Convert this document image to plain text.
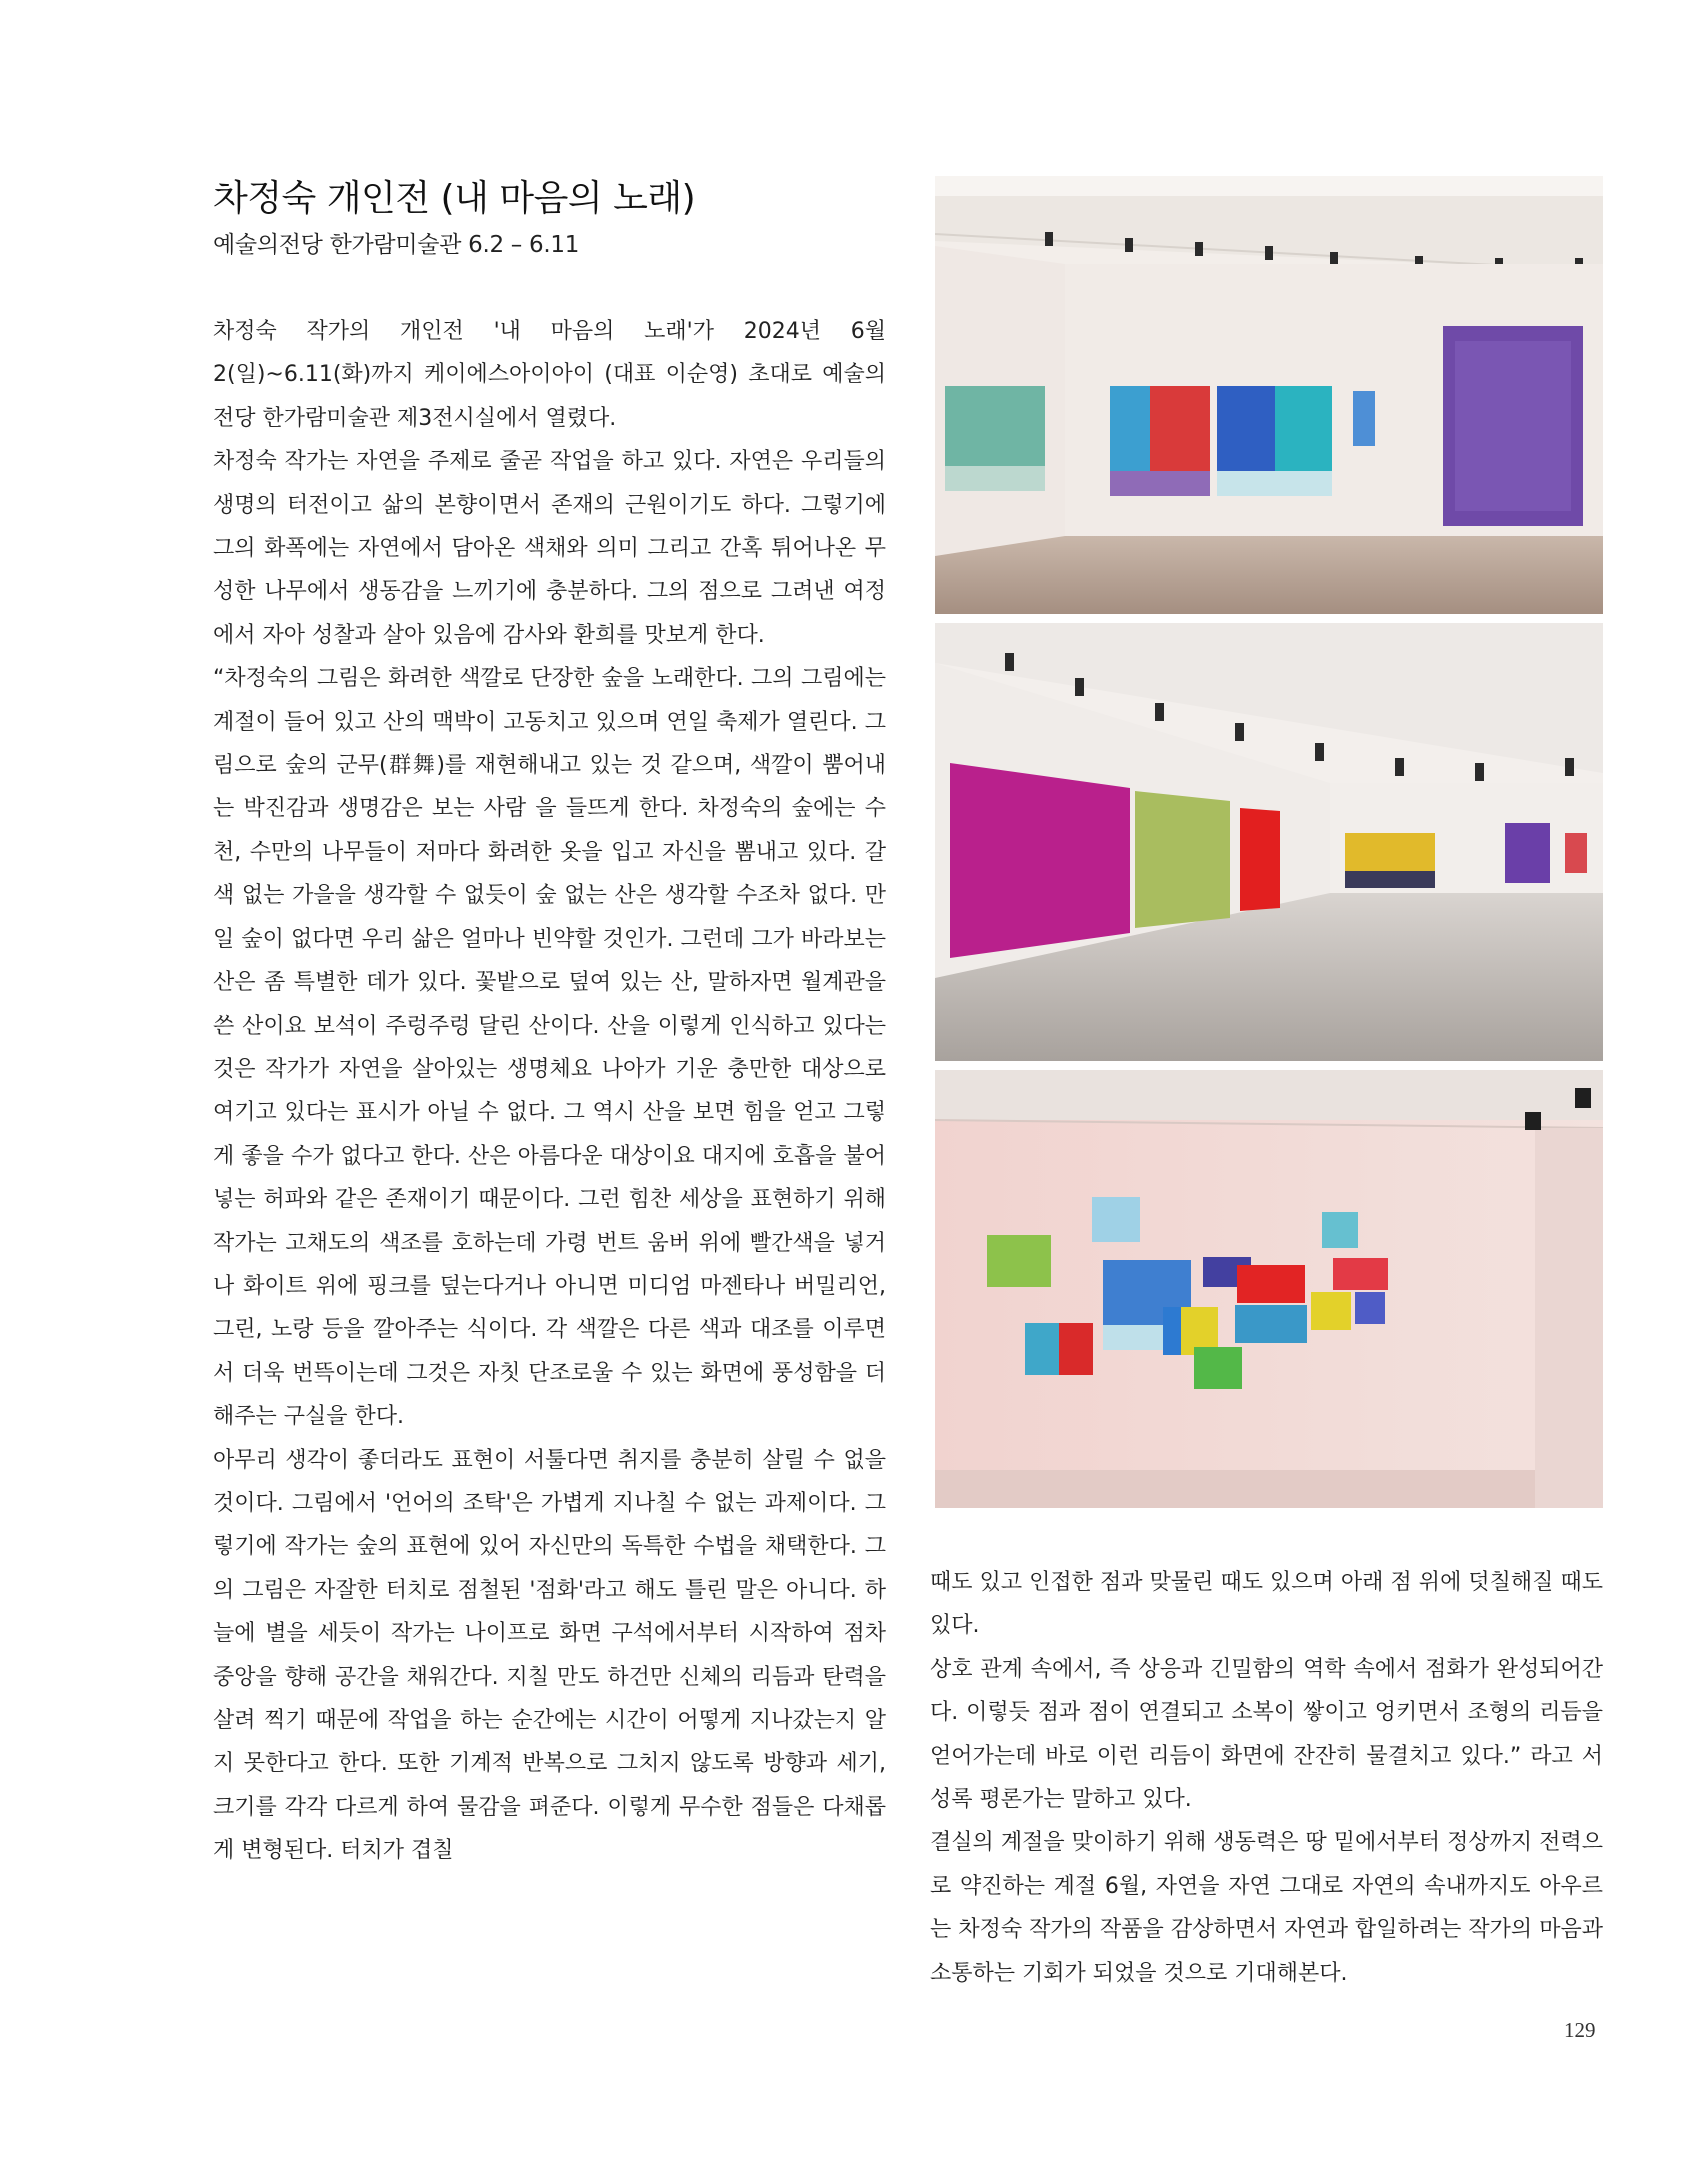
차정숙 개인전 (내 마음의 노래)
예술의전당 한가람미술관 6.2 – 6.11

차정숙 작가의 개인전 '내 마음의 노래'가 2024년 6월 2(일)~6.11(화)까지 케이에스아이아이 (대표 이순영) 초대로 예술의전당 한가람미술관 제3전시실에서 열렸다.

차정숙 작가는 자연을 주제로 줄곧 작업을 하고 있다. 자연은 우리들의 생명의 터전이고 삶의 본향이면서 존재의 근원이기도 하다. 그렇기에 그의 화폭에는 자연에서 담아온 색채와 의미 그리고 간혹 튀어나온 무성한 나무에서 생동감을 느끼기에 충분하다. 그의 점으로 그려낸 여정에서 자아 성찰과 살아 있음에 감사와 환희를 맛보게 한다.

“차정숙의 그림은 화려한 색깔로 단장한 숲을 노래한다. 그의 그림에는 계절이 들어 있고 산의 맥박이 고동치고 있으며 연일 축제가 열린다. 그림으로 숲의 군무(群舞)를 재현해내고 있는 것 같으며, 색깔이 뿜어내는 박진감과 생명감은 보는 사람 을 들뜨게 한다. 차정숙의 숲에는 수천, 수만의 나무들이 저마다 화려한 옷을 입고 자신을 뽐내고 있다. 갈색 없는 가을을 생각할 수 없듯이 숲 없는 산은 생각할 수조차 없다. 만일 숲이 없다면 우리 삶은 얼마나 빈약할 것인가. 그런데 그가 바라보는 산은 좀 특별한 데가 있다. 꽃밭으로 덮여 있는 산, 말하자면 월계관을 쓴 산이요 보석이 주렁주렁 달린 산이다. 산을 이렇게 인식하고 있다는 것은 작가가 자연을 살아있는 생명체요 나아가 기운 충만한 대상으로 여기고 있다는 표시가 아닐 수 없다. 그 역시 산을 보면 힘을 얻고 그렇게 좋을 수가 없다고 한다. 산은 아름다운 대상이요 대지에 호흡을 불어넣는 허파와 같은 존재이기 때문이다. 그런 힘찬 세상을 표현하기 위해 작가는 고채도의 색조를 호하는데 가령 번트 움버 위에 빨간색을 넣거나 화이트 위에 핑크를 덮는다거나 아니면 미디엄 마젠타나 버밀리언, 그린, 노랑 등을 깔아주는 식이다. 각 색깔은 다른 색과 대조를 이루면서 더욱 번뜩이는데 그것은 자칫 단조로울 수 있는 화면에 풍성함을 더해주는 구실을 한다.

아무리 생각이 좋더라도 표현이 서툴다면 취지를 충분히 살릴 수 없을 것이다. 그림에서 '언어의 조탁'은 가볍게 지나칠 수 없는 과제이다. 그렇기에 작가는 숲의 표현에 있어 자신만의 독특한 수법을 채택한다. 그의 그림은 자잘한 터치로 점철된 '점화'라고 해도 틀린 말은 아니다. 하늘에 별을 세듯이 작가는 나이프로 화면 구석에서부터 시작하여 점차 중앙을 향해 공간을 채워간다. 지칠 만도 하건만 신체의 리듬과 탄력을 살려 찍기 때문에 작업을 하는 순간에는 시간이 어떻게 지나갔는지 알지 못한다고 한다. 또한 기계적 반복으로 그치지 않도록 방향과 세기, 크기를 각각 다르게 하여 물감을 펴준다. 이렇게 무수한 점들은 다채롭게 변형된다. 터치가 겹칠

때도 있고 인접한 점과 맞물린 때도 있으며 아래 점 위에 덧칠해질 때도 있다.

상호 관계 속에서, 즉 상응과 긴밀함의 역학 속에서 점화가 완성되어간다. 이렇듯 점과 점이 연결되고 소복이 쌓이고 엉키면서 조형의 리듬을 얻어가는데 바로 이런 리듬이 화면에 잔잔히 물결치고 있다.” 라고 서성록 평론가는 말하고 있다.

결실의 계절을 맞이하기 위해 생동력은 땅 밑에서부터 정상까지 전력으로 약진하는 계절 6월, 자연을 자연 그대로 자연의 속내까지도 아우르는 차정숙 작가의 작품을 감상하면서 자연과 합일하려는 작가의 마음과 소통하는 기회가 되었을 것으로 기대해본다.

129
